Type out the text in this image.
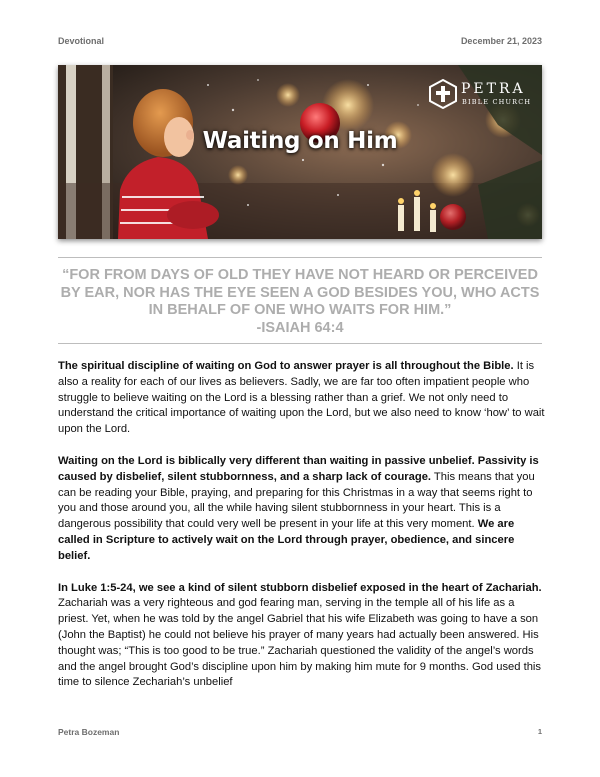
Devotional	December 21, 2023
PETRA
BIBLE CHURCH
Waiting on Him
“FOR FROM DAYS OF OLD THEY HAVE NOT HEARD OR PERCEIVED BY EAR, NOR HAS THE EYE SEEN A GOD BESIDES YOU, WHO ACTS IN BEHALF OF ONE WHO WAITS FOR HIM.”
-ISAIAH 64:4

The spiritual discipline of waiting on God to answer prayer is all throughout the Bible. It is also a reality for each of our lives as believers. Sadly, we are far too often impatient people who struggle to believe waiting on the Lord is a blessing rather than a grief. We not only need to understand the critical importance of waiting upon the Lord, but we also need to know ‘how’ to wait upon the Lord.

Waiting on the Lord is biblically very different than waiting in passive unbelief. Passivity is caused by disbelief, silent stubbornness, and a sharp lack of courage. This means that you can be reading your Bible, praying, and preparing for this Christmas in a way that seems right to you and those around you, all the while having silent stubbornness in your heart. This is a dangerous possibility that could very well be present in your life at this very moment. We are called in Scripture to actively wait on the Lord through prayer, obedience, and sincere belief.

In Luke 1:5-24, we see a kind of silent stubborn disbelief exposed in the heart of Zachariah. Zachariah was a very righteous and god fearing man, serving in the temple all of his life as a priest. Yet, when he was told by the angel Gabriel that his wife Elizabeth was going to have a son (John the Baptist) he could not believe his prayer of many years had actually been answered. His thought was; “This is too good to be true.” Zachariah questioned the validity of the angel’s words and the angel brought God’s discipline upon him by making him mute for 9 months. God used this time to silence Zechariah’s unbelief

Petra Bozeman	1
